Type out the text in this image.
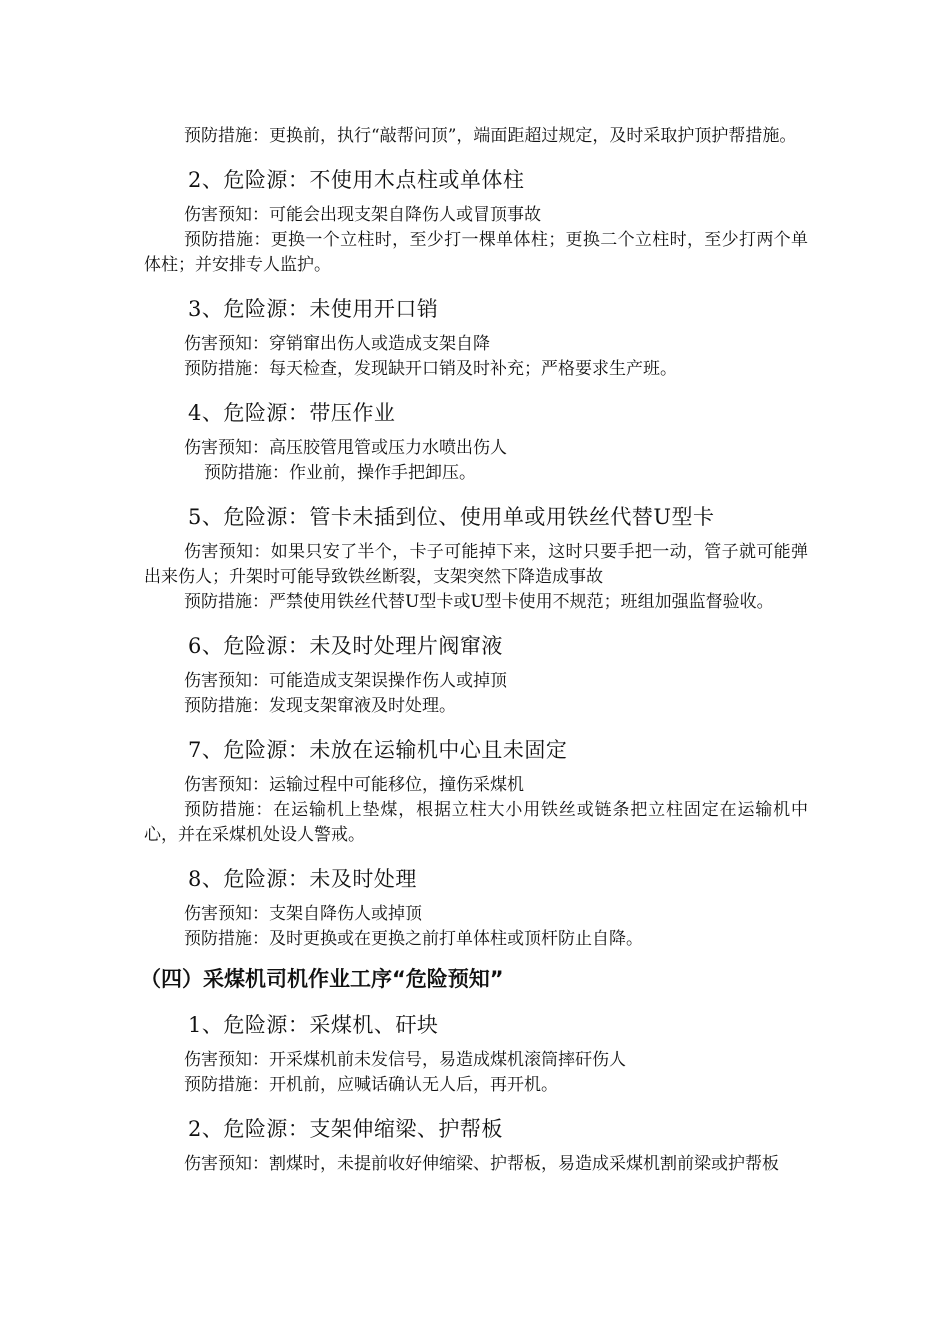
预防措施：更换前，执行“敲帮问顶”，端面距超过规定，及时采取护顶护帮措施。

2、危险源：不使用木点柱或单体柱

伤害预知：可能会出现支架自降伤人或冒顶事故

预防措施：更换一个立柱时，至少打一棵单体柱；更换二个立柱时，至少打两个单体柱；并安排专人监护。

3、危险源：未使用开口销

伤害预知：穿销窜出伤人或造成支架自降

预防措施：每天检查，发现缺开口销及时补充；严格要求生产班。

4、危险源：带压作业

伤害预知：高压胶管甩管或压力水喷出伤人

预防措施：作业前，操作手把卸压。

5、危险源：管卡未插到位、使用单或用铁丝代替U型卡

伤害预知：如果只安了半个，卡子可能掉下来，这时只要手把一动，管子就可能弹出来伤人；升架时可能导致铁丝断裂，支架突然下降造成事故

预防措施：严禁使用铁丝代替U型卡或U型卡使用不规范；班组加强监督验收。

6、危险源：未及时处理片阀窜液

伤害预知：可能造成支架误操作伤人或掉顶

预防措施：发现支架窜液及时处理。

7、危险源：未放在运输机中心且未固定

伤害预知：运输过程中可能移位，撞伤采煤机

预防措施：在运输机上垫煤，根据立柱大小用铁丝或链条把立柱固定在运输机中心，并在采煤机处设人警戒。

8、危险源：未及时处理

伤害预知：支架自降伤人或掉顶

预防措施：及时更换或在更换之前打单体柱或顶杆防止自降。

（四）采煤机司机作业工序“危险预知”

1、危险源：采煤机、矸块

伤害预知：开采煤机前未发信号，易造成煤机滚筒摔矸伤人

预防措施：开机前，应喊话确认无人后，再开机。

2、危险源：支架伸缩梁、护帮板

伤害预知：割煤时，未提前收好伸缩梁、护帮板，易造成采煤机割前梁或护帮板
